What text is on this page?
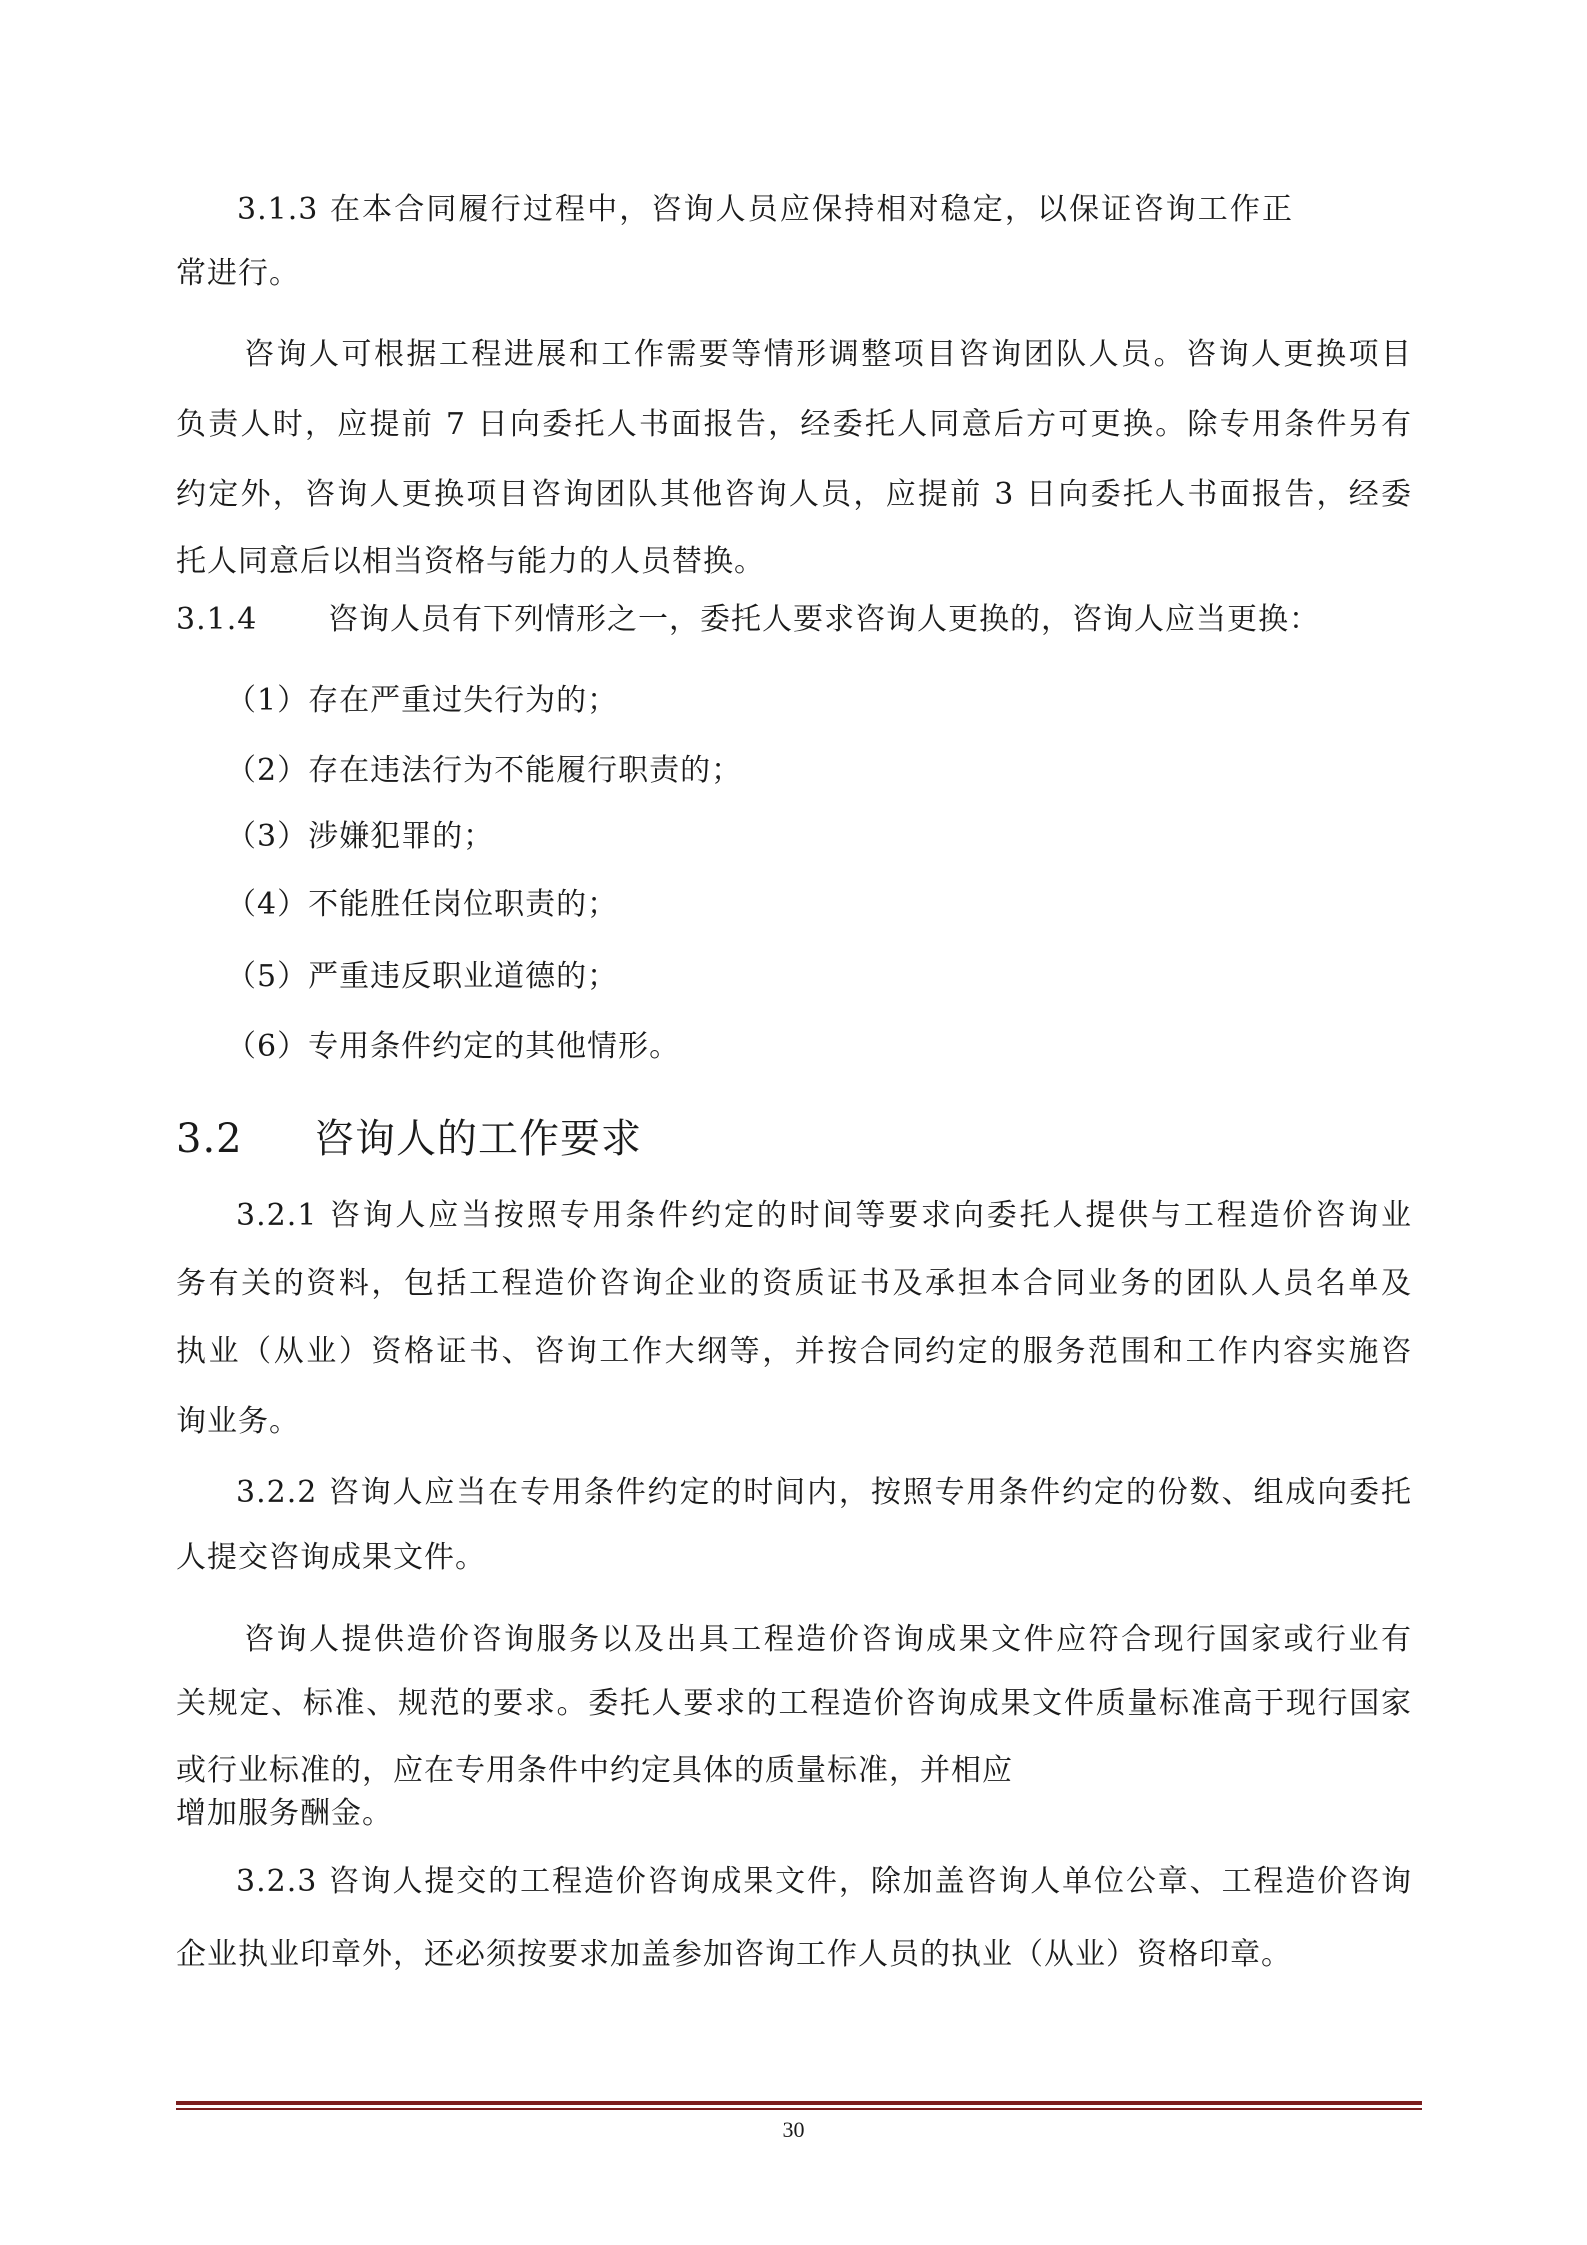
3.1.3 在本合同履行过程中，咨询人员应保持相对稳定，以保证咨询工作正
常进行。
咨询人可根据工程进展和工作需要等情形调整项目咨询团队人员。咨询人更换项目
负责人时，应提前 7 日向委托人书面报告，经委托人同意后方可更换。除专用条件另有
约定外，咨询人更换项目咨询团队其他咨询人员，应提前 3 日向委托人书面报告，经委
托人同意后以相当资格与能力的人员替换。
3.1.4 咨询人员有下列情形之一，委托人要求咨询人更换的，咨询人应当更换：
（1）存在严重过失行为的；
（2）存在违法行为不能履行职责的；
（3）涉嫌犯罪的；
（4）不能胜任岗位职责的；
（5）严重违反职业道德的；
（6）专用条件约定的其他情形。
3.2 咨询人的工作要求
3.2.1 咨询人应当按照专用条件约定的时间等要求向委托人提供与工程造价咨询业
务有关的资料，包括工程造价咨询企业的资质证书及承担本合同业务的团队人员名单及
执业（从业）资格证书、咨询工作大纲等，并按合同约定的服务范围和工作内容实施咨
询业务。
3.2.2 咨询人应当在专用条件约定的时间内，按照专用条件约定的份数、组成向委托
人提交咨询成果文件。
咨询人提供造价咨询服务以及出具工程造价咨询成果文件应符合现行国家或行业有
关规定、标准、规范的要求。委托人要求的工程造价咨询成果文件质量标准高于现行国家
或行业标准的，应在专用条件中约定具体的质量标准，并相应
增加服务酬金。
3.2.3 咨询人提交的工程造价咨询成果文件，除加盖咨询人单位公章、工程造价咨询
企业执业印章外，还必须按要求加盖参加咨询工作人员的执业（从业）资格印章。
30
